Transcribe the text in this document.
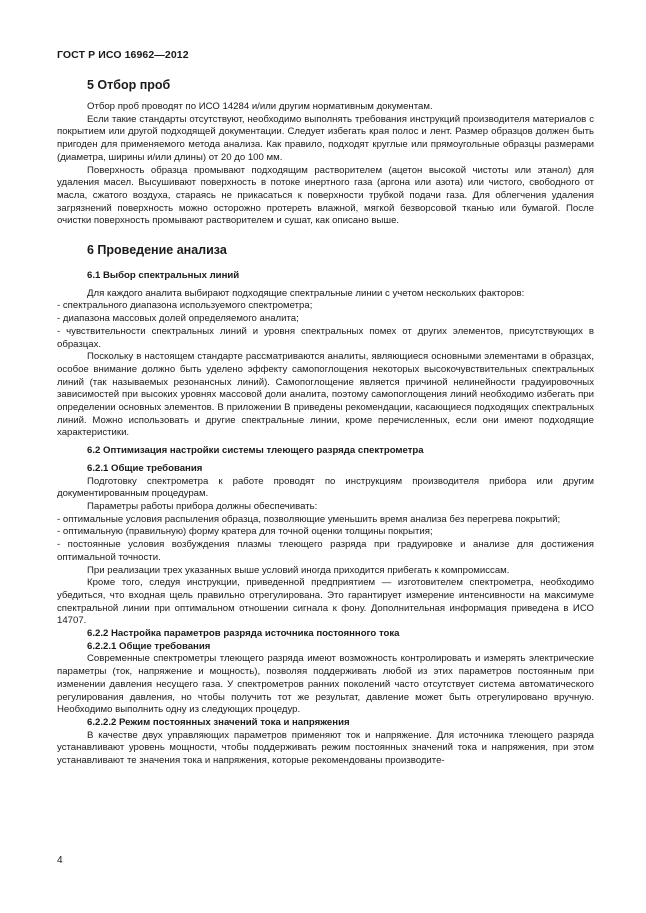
ГОСТ Р ИСО 16962—2012

5 Отбор проб

Отбор проб проводят по ИСО 14284 и/или другим нормативным документам.

Если такие стандарты отсутствуют, необходимо выполнять требования инструкций производителя материалов с покрытием или другой подходящей документации. Следует избегать края полос и лент. Размер образцов должен быть пригоден для применяемого метода анализа. Как правило, подходят круглые или прямоугольные образцы размерами (диаметра, ширины и/или длины) от 20 до 100 мм.

Поверхность образца промывают подходящим растворителем (ацетон высокой чистоты или этанол) для удаления масел. Высушивают поверхность в потоке инертного газа (аргона или азота) или чистого, свободного от масла, сжатого воздуха, стараясь не прикасаться к поверхности трубкой подачи газа. Для облегчения удаления загрязнений поверхность можно осторожно протереть влажной, мягкой безворсовой тканью или бумагой. После очистки поверхность промывают растворителем и сушат, как описано выше.

6 Проведение анализа

6.1 Выбор спектральных линий

Для каждого аналита выбирают подходящие спектральные линии с учетом нескольких факторов:

- спектрального диапазона используемого спектрометра;

- диапазона массовых долей определяемого аналита;

- чувствительности спектральных линий и уровня спектральных помех от других элементов, присутствующих в образцах.

Поскольку в настоящем стандарте рассматриваются аналиты, являющиеся основными элементами в образцах, особое внимание должно быть уделено эффекту самопоглощения некоторых высокочувствительных спектральных линий (так называемых резонансных линий). Самопоглощение является причиной нелинейности градуировочных зависимостей при высоких уровнях массовой доли аналита, поэтому самопоглощения линий необходимо избегать при определении основных элементов. В приложении В приведены рекомендации, касающиеся подходящих спектральных линий. Можно использовать и другие спектральные линии, кроме перечисленных, если они имеют подходящие характеристики.

6.2 Оптимизация настройки системы тлеющего разряда спектрометра

6.2.1 Общие требования

Подготовку спектрометра к работе проводят по инструкциям производителя прибора или другим документированным процедурам.

Параметры работы прибора должны обеспечивать:

- оптимальные условия распыления образца, позволяющие уменьшить время анализа без перегрева покрытий;

- оптимальную (правильную) форму кратера для точной оценки толщины покрытия;

- постоянные условия возбуждения плазмы тлеющего разряда при градуировке и анализе для достижения оптимальной точности.

При реализации трех указанных выше условий иногда приходится прибегать к компромиссам.

Кроме того, следуя инструкции, приведенной предприятием — изготовителем спектрометра, необходимо убедиться, что входная щель правильно отрегулирована. Это гарантирует измерение интенсивности на максимуме спектральной линии при оптимальном отношении сигнала к фону. Дополнительная информация приведена в ИСО 14707.

6.2.2 Настройка параметров разряда источника постоянного тока

6.2.2.1 Общие требования

Современные спектрометры тлеющего разряда имеют возможность контролировать и измерять электрические параметры (ток, напряжение и мощность), позволяя поддерживать любой из этих параметров постоянным при изменении давления несущего газа. У спектрометров ранних поколений часто отсутствует система автоматического регулирования давления, но чтобы получить тот же результат, давление может быть отрегулировано вручную. Необходимо выполнить одну из следующих процедур.

6.2.2.2 Режим постоянных значений тока и напряжения

В качестве двух управляющих параметров применяют ток и напряжение. Для источника тлеющего разряда устанавливают уровень мощности, чтобы поддерживать режим постоянных значений тока и напряжения, при этом устанавливают те значения тока и напряжения, которые рекомендованы производите-

4
